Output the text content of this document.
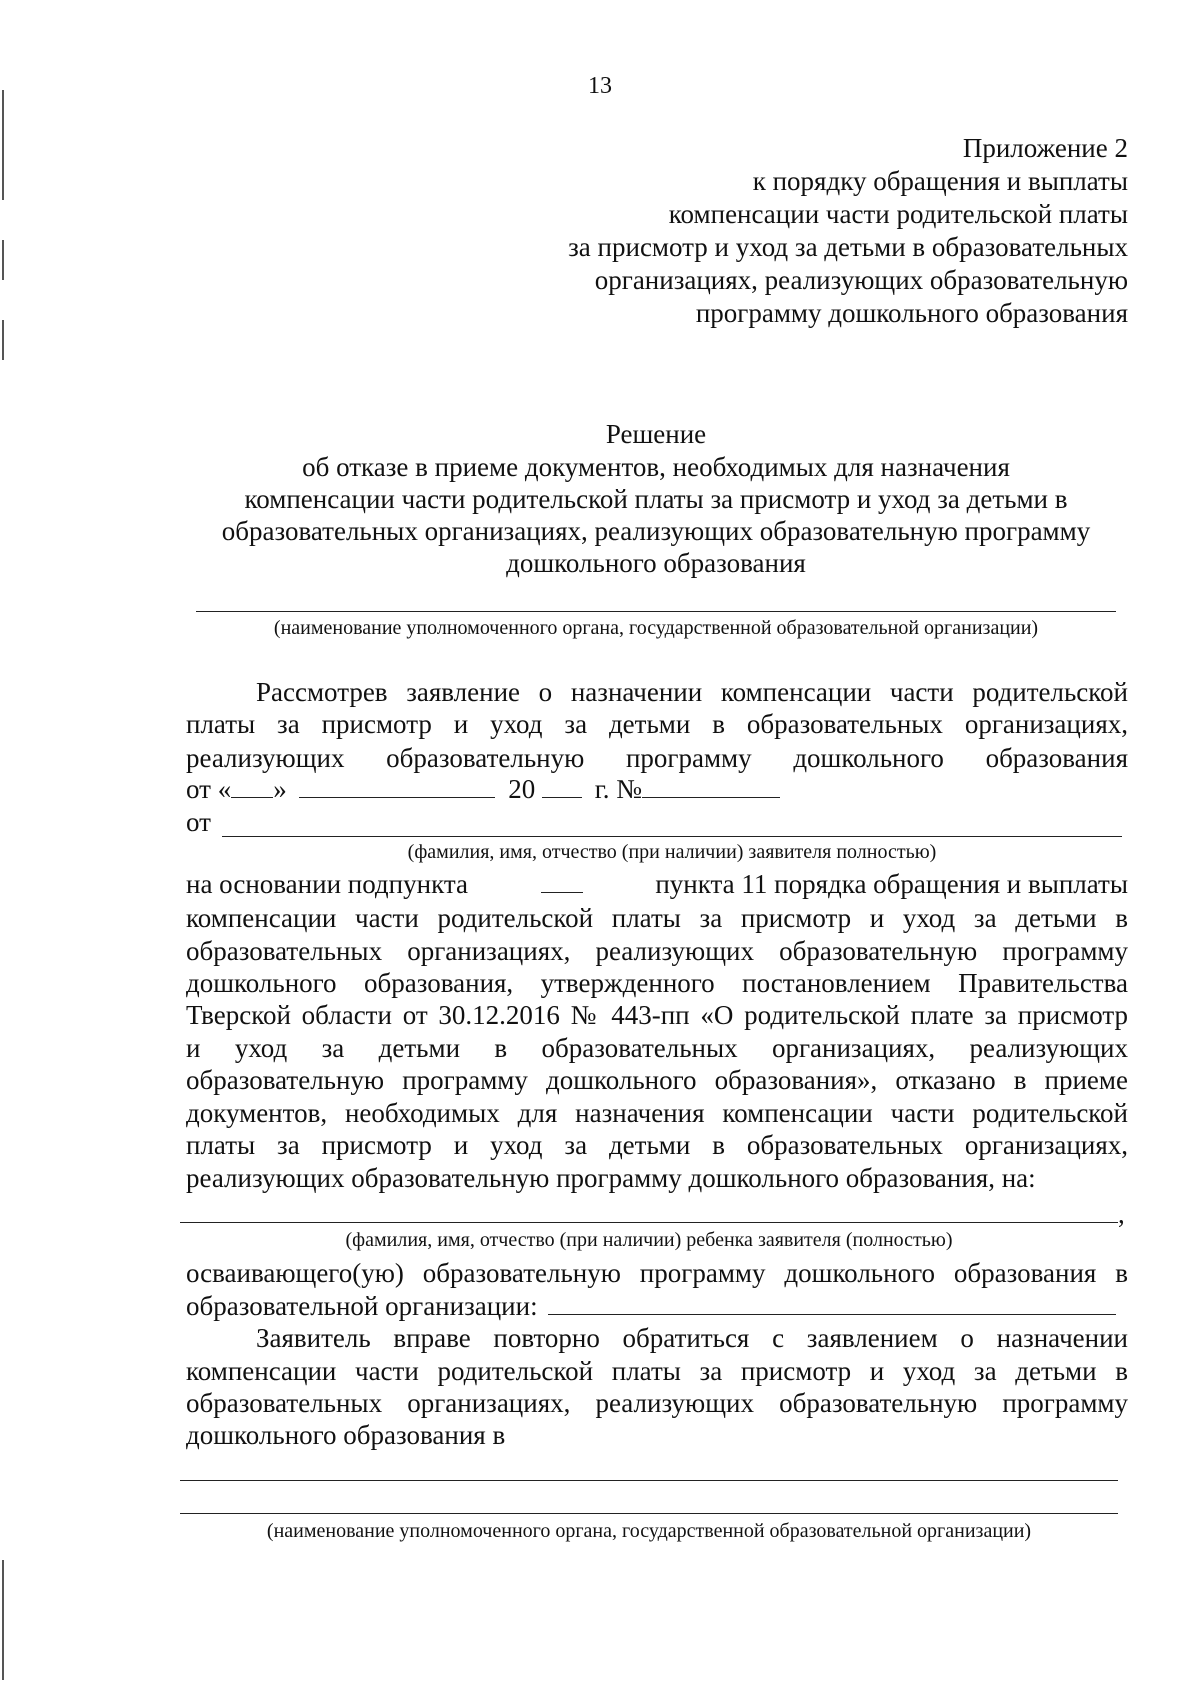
13
Приложение 2
к порядку обращения и выплаты
компенсации части родительской платы
за присмотр и уход за детьми в образовательных
организациях, реализующих образовательную
программу дошкольного образования
Решение
об отказе в приеме документов, необходимых для назначения
компенсации части родительской платы за присмотр и уход за детьми в
образовательных организациях, реализующих образовательную программу
дошкольного образования
(наименование уполномоченного органа, государственной образовательной организации)
Рассмотрев заявление о назначении компенсации части родительской
платы за присмотр и уход за детьми в образовательных организациях,
реализующих образовательную программу дошкольного образования
от « »	20 г. №
от
(фамилия, имя, отчество (при наличии) заявителя полностью)
на основании подпункта	пункта 11 порядка обращения и выплаты
компенсации части родительской платы за присмотр и уход за детьми в
образовательных организациях, реализующих образовательную программу
дошкольного образования, утвержденного постановлением Правительства
Тверской области от 30.12.2016 № 443-пп «О родительской плате за присмотр
и уход за детьми в образовательных организациях, реализующих
образовательную программу дошкольного образования», отказано в приеме
документов, необходимых для назначения компенсации части родительской
платы за присмотр и уход за детьми в образовательных организациях,
реализующих образовательную программу дошкольного образования, на:
,
(фамилия, имя, отчество (при наличии) ребенка заявителя (полностью)
осваивающего(ую) образовательную программу дошкольного образования в
образовательной организации:
Заявитель вправе повторно обратиться с заявлением о назначении
компенсации части родительской платы за присмотр и уход за детьми в
образовательных организациях, реализующих образовательную программу
дошкольного образования в
(наименование уполномоченного органа, государственной образовательной организации)
